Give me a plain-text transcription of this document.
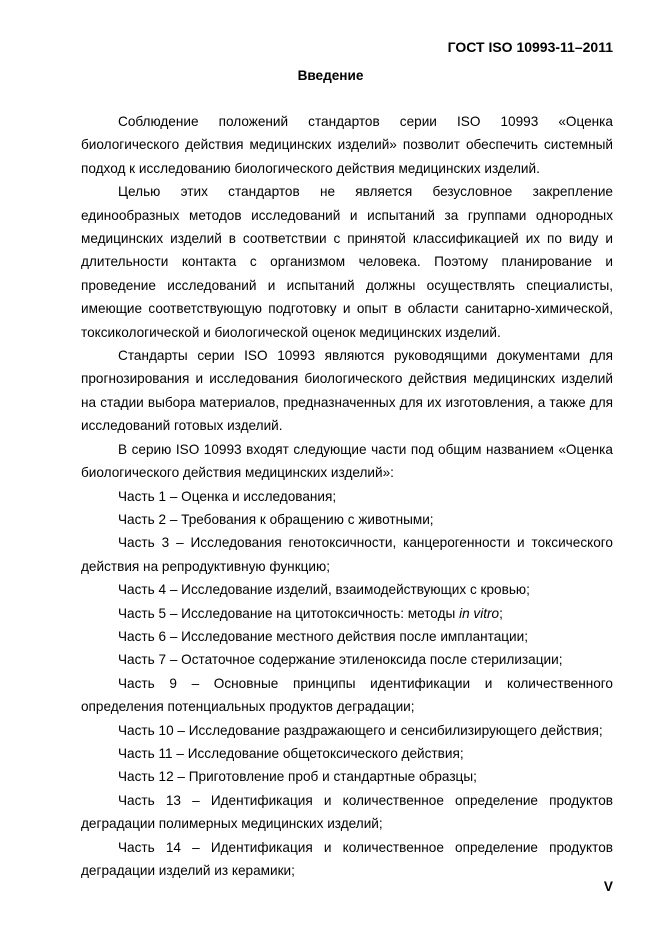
ГОСТ ISO 10993-11–2011
Введение

Соблюдение положений стандартов серии ISO 10993 «Оценка биологического действия медицинских изделий» позволит обеспечить системный подход к исследованию биологического действия медицинских изделий.

Целью этих стандартов не является безусловное закрепление единообразных методов исследований и испытаний за группами однородных медицинских изделий в соответствии с принятой классификацией их по виду и длительности контакта с организмом человека. Поэтому планирование и проведение исследований и испытаний должны осуществлять специалисты, имеющие соответствующую подготовку и опыт в области санитарно-химической, токсикологической и биологической оценок медицинских изделий.

Стандарты серии ISO 10993 являются руководящими документами для прогнозирования и исследования биологического действия медицинских изделий на стадии выбора материалов, предназначенных для их изготовления, а также для исследований готовых изделий.

В серию ISO 10993 входят следующие части под общим названием «Оценка биологического действия медицинских изделий»:

Часть 1 – Оценка и исследования;

Часть 2 – Требования к обращению с животными;

Часть 3 – Исследования генотоксичности, канцерогенности и токсического действия на репродуктивную функцию;

Часть 4 – Исследование изделий, взаимодействующих с кровью;

Часть 5 – Исследование на цитотоксичность: методы in vitro;

Часть 6 – Исследование местного действия после имплантации;

Часть 7 – Остаточное содержание этиленоксида после стерилизации;

Часть 9 – Основные принципы идентификации и количественного определения потенциальных продуктов деградации;

Часть 10 – Исследование раздражающего и сенсибилизирующего действия;

Часть 11 – Исследование общетоксического действия;

Часть 12 – Приготовление проб и стандартные образцы;

Часть 13 – Идентификация и количественное определение продуктов деградации полимерных медицинских изделий;

Часть 14 – Идентификация и количественное определение продуктов деградации изделий из керамики;

V
